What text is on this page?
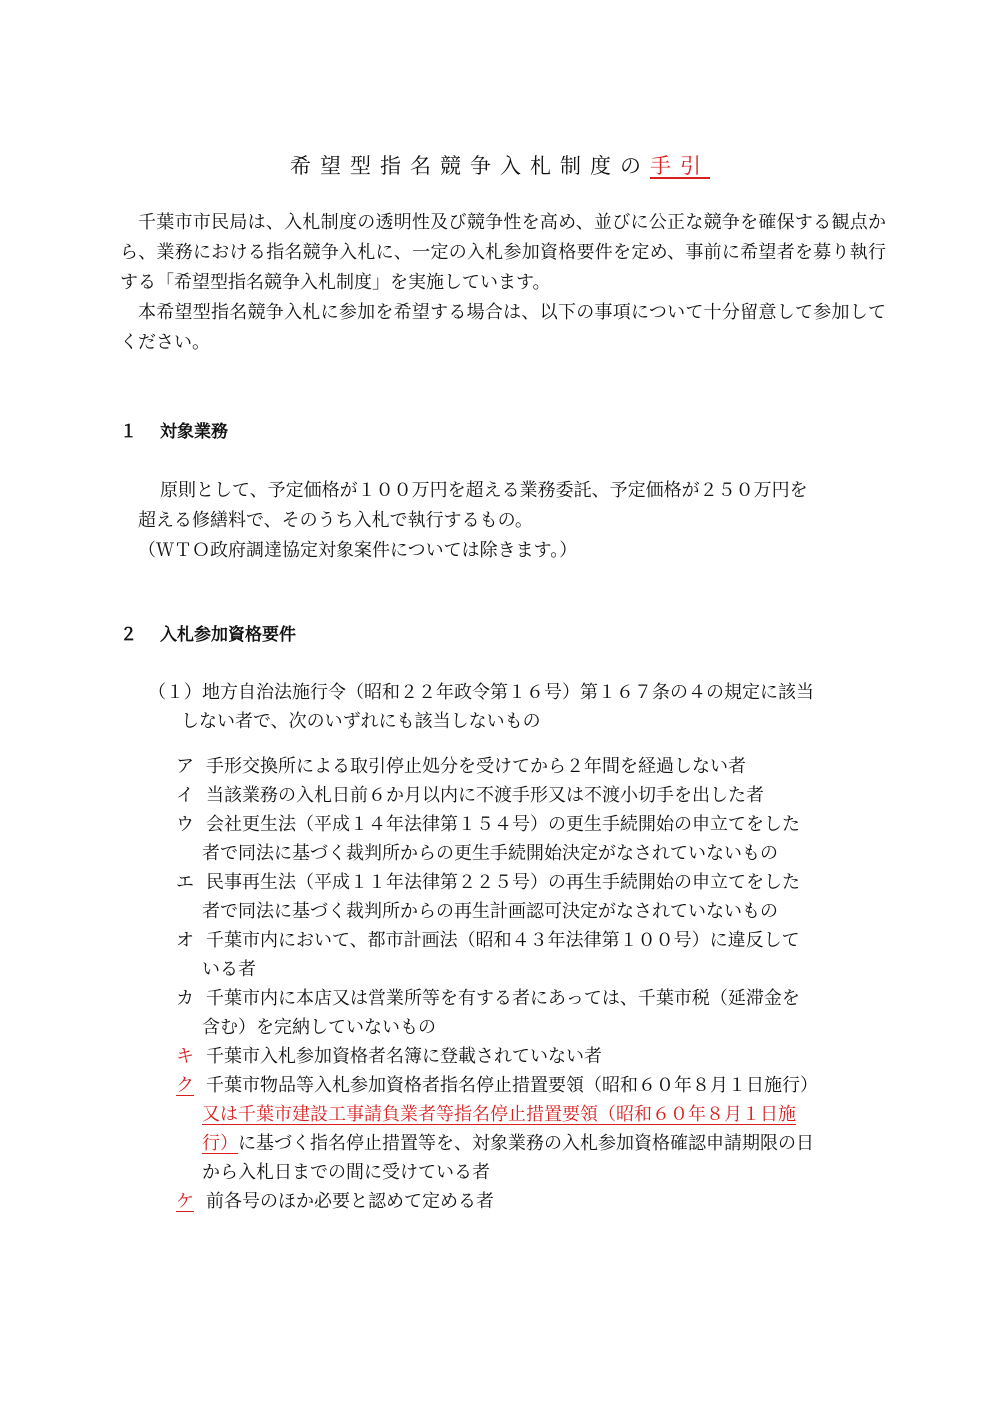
希望型指名競争入札制度の手引
千葉市市民局は、入札制度の透明性及び競争性を高め、並びに公正な競争を確保する観点から、業務における指名競争入札に、一定の入札参加資格要件を定め、事前に希望者を募り執行する「希望型指名競争入札制度」を実施しています。
本希望型指名競争入札に参加を希望する場合は、以下の事項について十分留意して参加してください。
１ 対象業務
原則として、予定価格が１００万円を超える業務委託、予定価格が２５０万円を
超える修繕料で、そのうち入札で執行するもの。
（ＷＴＯ政府調達協定対象案件については除きます。）
２ 入札参加資格要件
（１）地方自治法施行令（昭和２２年政令第１６号）第１６７条の４の規定に該当
しない者で、次のいずれにも該当しないもの
ア 手形交換所による取引停止処分を受けてから２年間を経過しない者
イ 当該業務の入札日前６か月以内に不渡手形又は不渡小切手を出した者
ウ 会社更生法（平成１４年法律第１５４号）の更生手続開始の申立てをした
者で同法に基づく裁判所からの更生手続開始決定がなされていないもの
エ 民事再生法（平成１１年法律第２２５号）の再生手続開始の申立てをした
者で同法に基づく裁判所からの再生計画認可決定がなされていないもの
オ 千葉市内において、都市計画法（昭和４３年法律第１００号）に違反して
いる者
カ 千葉市内に本店又は営業所等を有する者にあっては、千葉市税（延滞金を
含む）を完納していないもの
キ 千葉市入札参加資格者名簿に登載されていない者
ク 千葉市物品等入札参加資格者指名停止措置要領（昭和６０年８月１日施行）
又は千葉市建設工事請負業者等指名停止措置要領（昭和６０年８月１日施
行）に基づく指名停止措置等を、対象業務の入札参加資格確認申請期限の日
から入札日までの間に受けている者
ケ 前各号のほか必要と認めて定める者
